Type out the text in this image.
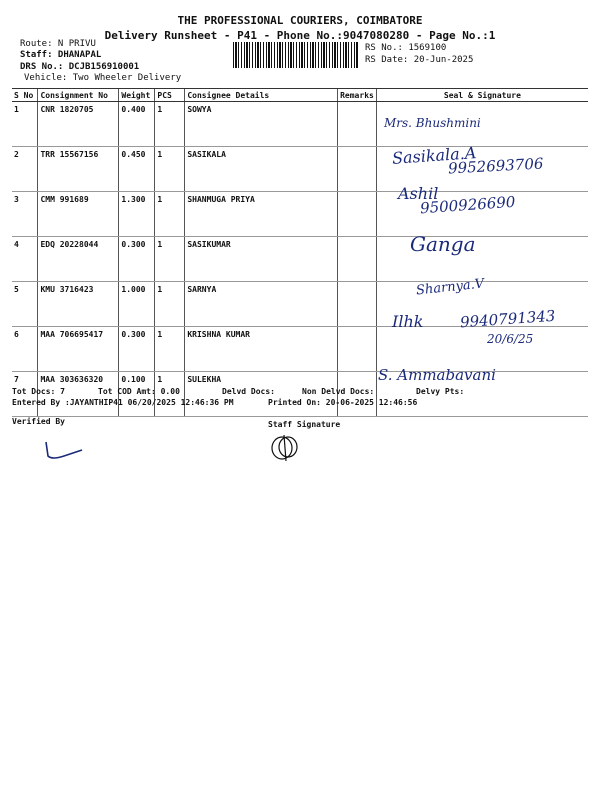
THE PROFESSIONAL COURIERS, COIMBATORE
Delivery Runsheet - P41 - Phone No.:9047080280 - Page No.:1
Route: N PRIVU
Staff: DHANAPAL
DRS No.: DCJB156910001
Vehicle: Two Wheeler Delivery
RS No.: 1569100
RS Date: 20-Jun-2025
S No	Consignment No	Weight	PCS	Consignee Details	Remarks	Seal & Signature
1	CNR 1820705	0.400	1	SOWYA		
2	TRR 15567156	0.450	1	SASIKALA		
3	CMM 991689	1.300	1	SHANMUGA PRIYA		
4	EDQ 20228044	0.300	1	SASIKUMAR		
5	KMU 3716423	1.000	1	SARNYA		
6	MAA 706695417	0.300	1	KRISHNA KUMAR		
7	MAA 303636320	0.100	1	SULEKHA		
Mrs. Bhushmini
Sasikala.A
9952693706
Ashil
9500926690
Ganga
Sharnya.V
Ilhk 9940791343
20/6/25
S. Ammabavani
Tot Docs: 7	Tot COD Amt: 0.00	Delvd Docs:	Non Delvd Docs:	Delvy Pts:
Entered By :JAYANTHIP41 06/20/2025 12:46:36 PM	Printed On: 20-06-2025 12:46:56
Verified By	Staff Signature
